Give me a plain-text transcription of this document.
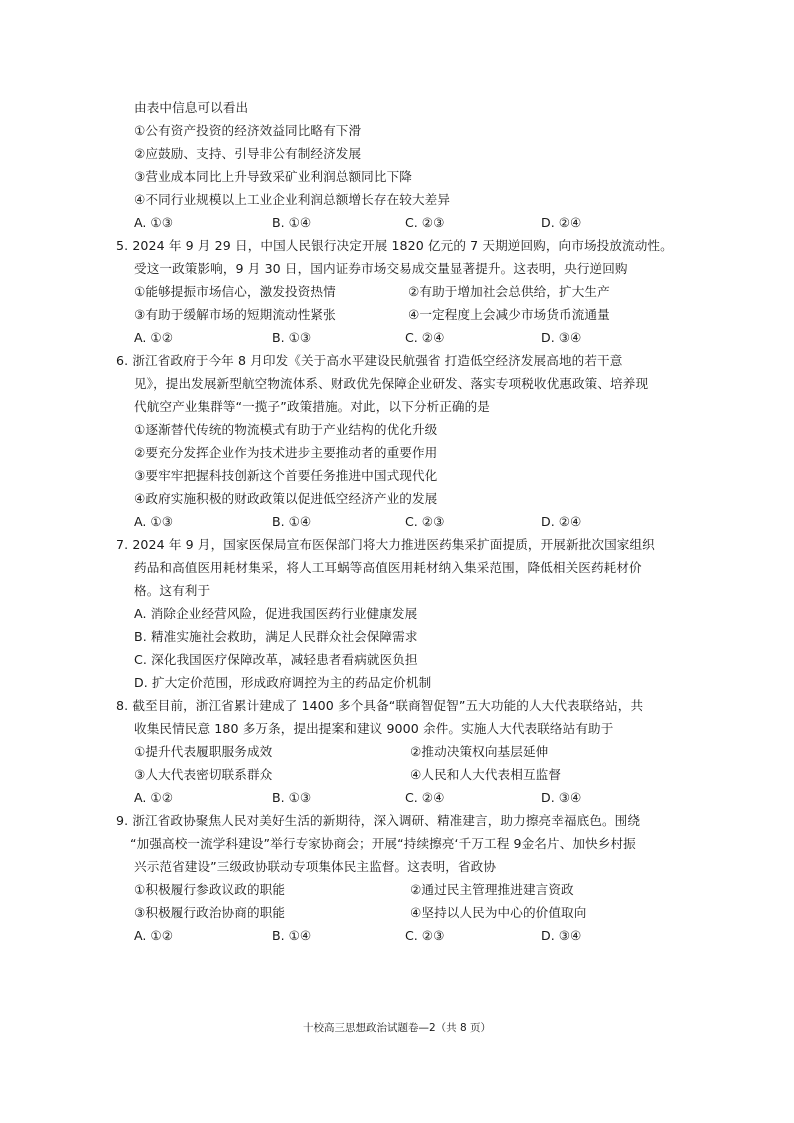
由表中信息可以看出
①公有资产投资的经济效益同比略有下滑
②应鼓励、支持、引导非公有制经济发展
③营业成本同比上升导致采矿业利润总额同比下降
④不同行业规模以上工业企业利润总额增长存在较大差异
A. ①③	B. ①④	C. ②③	D. ②④
5. 2024 年 9 月 29 日，中国人民银行决定开展 1820 亿元的 7 天期逆回购，向市场投放流动性。
受这一政策影响，9 月 30 日，国内证券市场交易成交量显著提升。这表明，央行逆回购
①能够提振市场信心，激发投资热情	②有助于增加社会总供给，扩大生产
③有助于缓解市场的短期流动性紧张	④一定程度上会减少市场货币流通量
A. ①②	B. ①③	C. ②④	D. ③④
6. 浙江省政府于今年 8 月印发《关于高水平建设民航强省 打造低空经济发展高地的若干意
见》，提出发展新型航空物流体系、财政优先保障企业研发、落实专项税收优惠政策、培养现
代航空产业集群等“一揽子”政策措施。对此，以下分析正确的是
①逐渐替代传统的物流模式有助于产业结构的优化升级
②要充分发挥企业作为技术进步主要推动者的重要作用
③要牢牢把握科技创新这个首要任务推进中国式现代化
④政府实施积极的财政政策以促进低空经济产业的发展
A. ①③	B. ①④	C. ②③	D. ②④
7. 2024 年 9 月，国家医保局宣布医保部门将大力推进医药集采扩面提质，开展新批次国家组织
药品和高值医用耗材集采，将人工耳蜗等高值医用耗材纳入集采范围，降低相关医药耗材价
格。这有利于
A. 消除企业经营风险，促进我国医药行业健康发展
B. 精准实施社会救助，满足人民群众社会保障需求
C. 深化我国医疗保障改革，减轻患者看病就医负担
D. 扩大定价范围，形成政府调控为主的药品定价机制
8. 截至目前，浙江省累计建成了 1400 多个具备“联商智促智”五大功能的人大代表联络站，共
收集民情民意 180 多万条，提出提案和建议 9000 余件。实施人大代表联络站有助于
①提升代表履职服务成效	②推动决策权向基层延伸
③人大代表密切联系群众	④人民和人大代表相互监督
A. ①②	B. ①③	C. ②④	D. ③④
9. 浙江省政协聚焦人民对美好生活的新期待，深入调研、精准建言，助力擦亮幸福底色。围绕
“加强高校一流学科建设”举行专家协商会；开展“持续擦亮‘千万工程 9金名片、加快乡村振
兴示范省建设”三级政协联动专项集体民主监督。这表明，省政协
①积极履行参政议政的职能	②通过民主管理推进建言资政
③积极履行政治协商的职能	④坚持以人民为中心的价值取向
A. ①②	B. ①④	C. ②③	D. ③④
十校高三思想政治试题卷—2（共 8 页）
